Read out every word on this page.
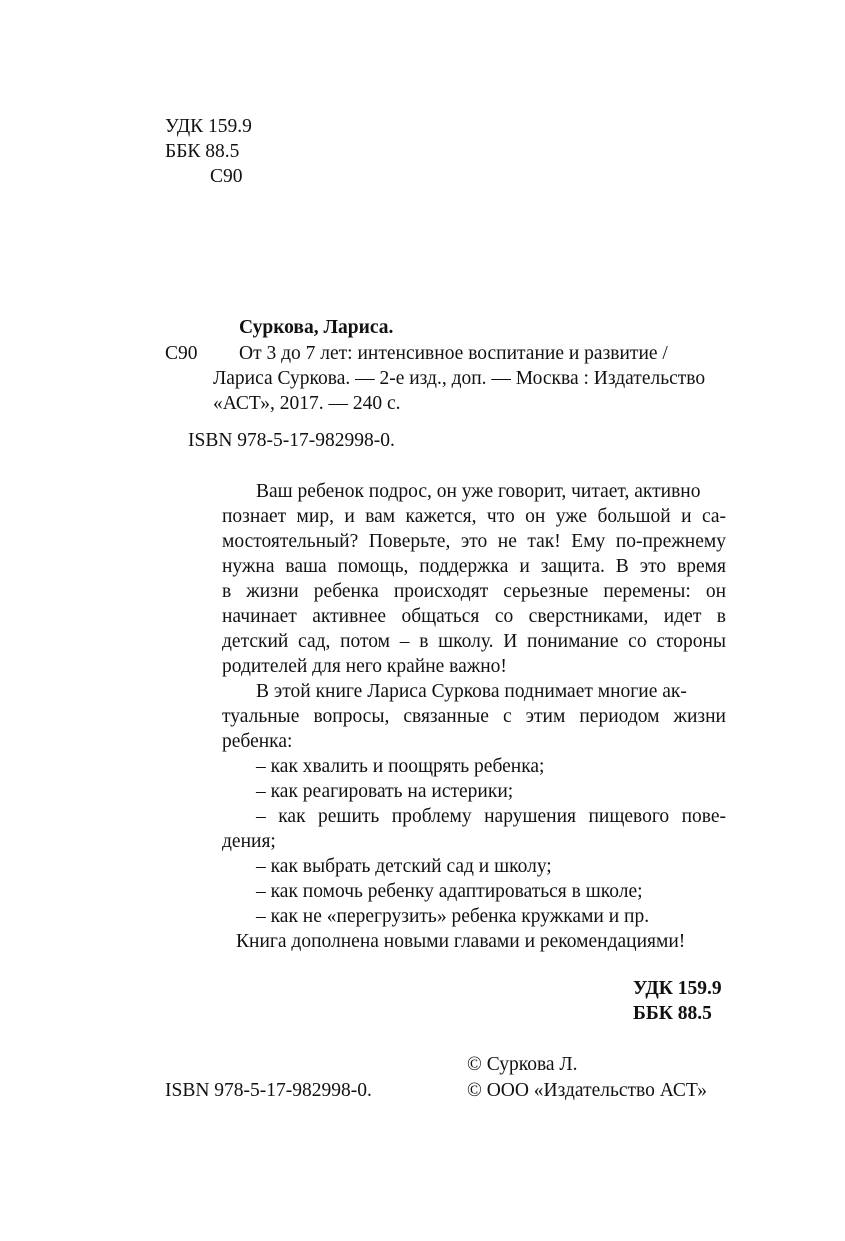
УДК 159.9
ББК 88.5
С90
Суркова, Лариса.
С90 От 3 до 7 лет: интенсивное воспитание и развитие /
Лариса Суркова. — 2-е изд., доп. — Москва : Издательство
«АСТ», 2017. — 240 с.
ISBN 978-5-17-982998-0.
Ваш ребенок подрос, он уже говорит, читает, активно
познает мир, и вам кажется, что он уже большой и са-
мостоятельный? Поверьте, это не так! Ему по-прежнему
нужна ваша помощь, поддержка и защита. В это время
в жизни ребенка происходят серьезные перемены: он
начинает активнее общаться со сверстниками, идет в
детский сад, потом – в школу. И понимание со стороны
родителей для него крайне важно!
В этой книге Лариса Суркова поднимает многие ак-
туальные вопросы, связанные с этим периодом жизни
ребенка:
– как хвалить и поощрять ребенка;
– как реагировать на истерики;
– как решить проблему нарушения пищевого пове-
дения;
– как выбрать детский сад и школу;
– как помочь ребенку адаптироваться в школе;
– как не «перегрузить» ребенка кружками и пр.
Книга дополнена новыми главами и рекомендациями!
УДК 159.9
ББК 88.5
© Суркова Л.
© ООО «Издательство АСТ»
ISBN 978-5-17-982998-0.
